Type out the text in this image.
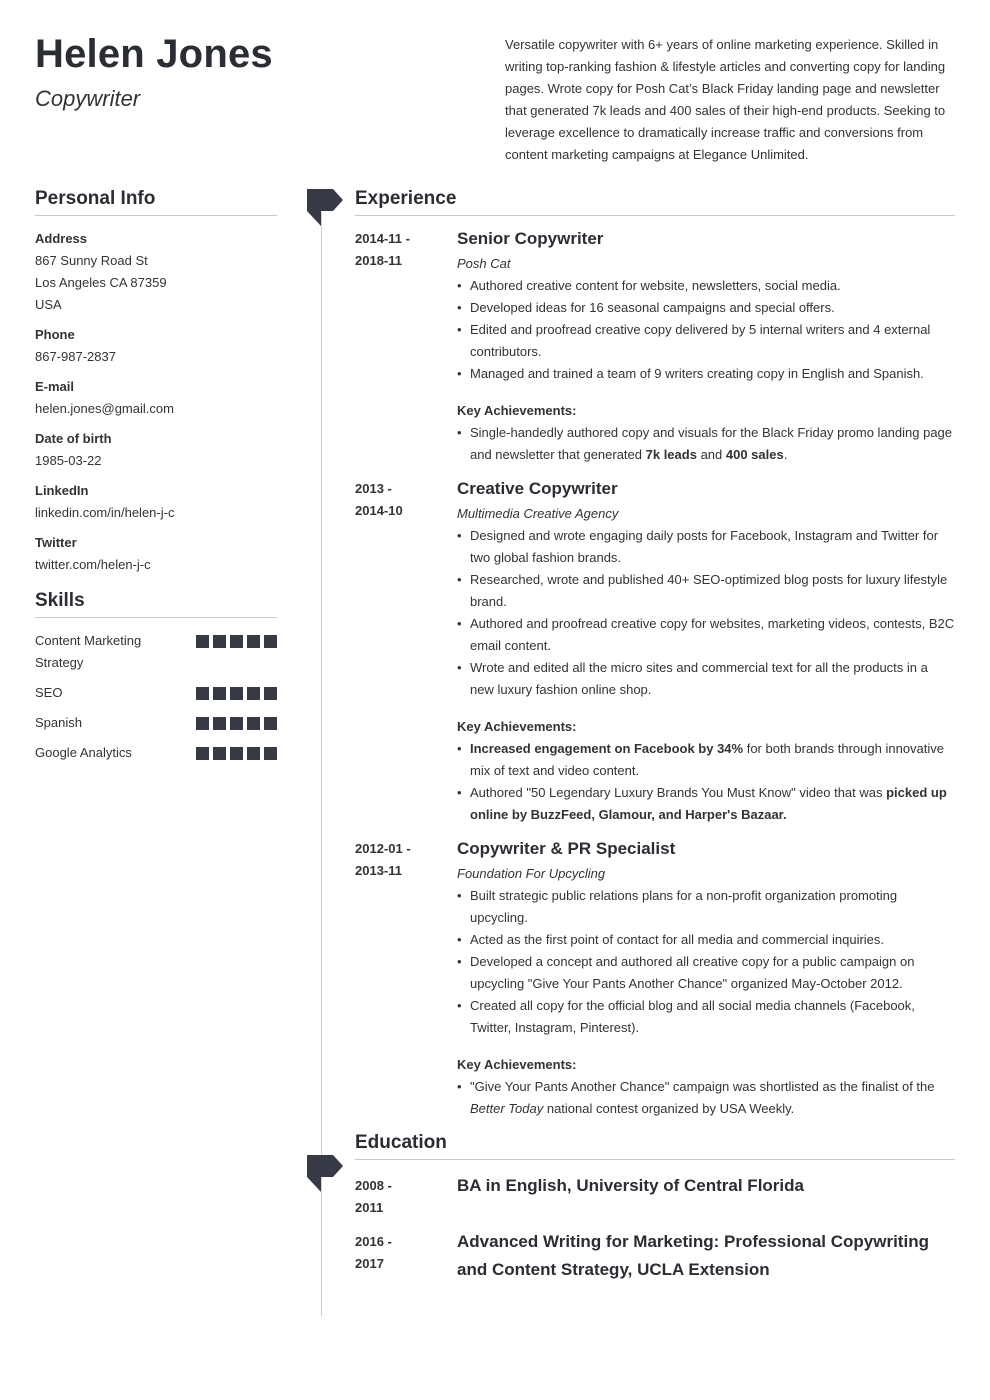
Helen Jones
Copywriter
Versatile copywriter with 6+ years of online marketing experience. Skilled in writing top-ranking fashion & lifestyle articles and converting copy for landing pages. Wrote copy for Posh Cat’s Black Friday landing page and newsletter that generated 7k leads and 400 sales of their high-end products. Seeking to leverage excellence to dramatically increase traffic and conversions from content marketing campaigns at Elegance Unlimited.
Personal Info
Address
867 Sunny Road St
Los Angeles CA 87359
USA
Phone
867-987-2837
E-mail
helen.jones@gmail.com
Date of birth
1985-03-22
LinkedIn
linkedin.com/in/helen-j-c
Twitter
twitter.com/helen-j-c
Skills
Content Marketing Strategy
SEO
Spanish
Google Analytics
Experience
2014-11 -
2018-11
Senior Copywriter
Posh Cat
• Authored creative content for website, newsletters, social media.
• Developed ideas for 16 seasonal campaigns and special offers.
• Edited and proofread creative copy delivered by 5 internal writers and 4 external contributors.
• Managed and trained a team of 9 writers creating copy in English and Spanish.
Key Achievements:
• Single-handedly authored copy and visuals for the Black Friday promo landing page and newsletter that generated 7k leads and 400 sales.
2013 -
2014-10
Creative Copywriter
Multimedia Creative Agency
• Designed and wrote engaging daily posts for Facebook, Instagram and Twitter for two global fashion brands.
• Researched, wrote and published 40+ SEO-optimized blog posts for luxury lifestyle brand.
• Authored and proofread creative copy for websites, marketing videos, contests, B2C email content.
• Wrote and edited all the micro sites and commercial text for all the products in a new luxury fashion online shop.
Key Achievements:
• Increased engagement on Facebook by 34% for both brands through innovative mix of text and video content.
• Authored "50 Legendary Luxury Brands You Must Know" video that was picked up online by BuzzFeed, Glamour, and Harper's Bazaar.
2012-01 -
2013-11
Copywriter & PR Specialist
Foundation For Upcycling
• Built strategic public relations plans for a non-profit organization promoting upcycling.
• Acted as the first point of contact for all media and commercial inquiries.
• Developed a concept and authored all creative copy for a public campaign on upcycling "Give Your Pants Another Chance" organized May-October 2012.
• Created all copy for the official blog and all social media channels (Facebook, Twitter, Instagram, Pinterest).
Key Achievements:
• "Give Your Pants Another Chance" campaign was shortlisted as the finalist of the Better Today national contest organized by USA Weekly.
Education
2008 -
2011
BA in English, University of Central Florida
2016 -
2017
Advanced Writing for Marketing: Professional Copywriting and Content Strategy, UCLA Extension
